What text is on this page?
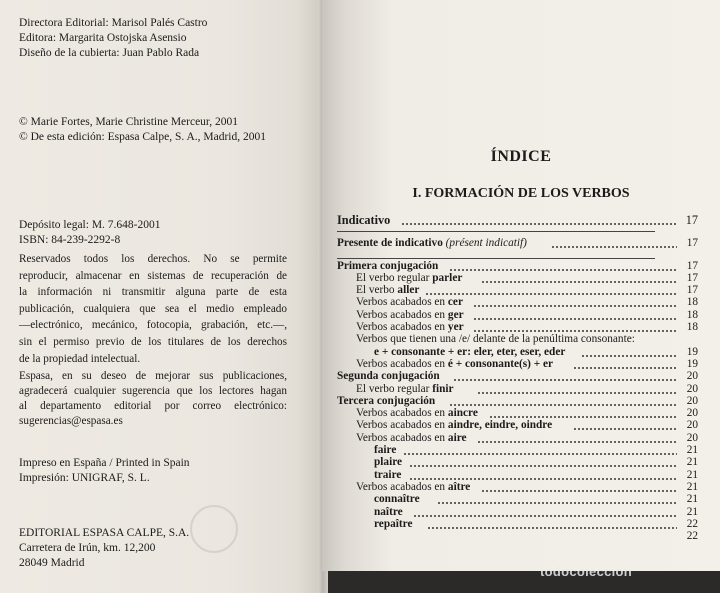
Directora Editorial: Marisol Palés Castro
Editora: Margarita Ostojska Asensio
Diseño de la cubierta: Juan Pablo Rada
© Marie Fortes, Marie Christine Merceur, 2001
© De esta edición: Espasa Calpe, S. A., Madrid, 2001
Depósito legal: M. 7.648-2001
ISBN: 84-239-2292-8
Reservados todos los derechos. No se permite
reproducir, almacenar en sistemas de recuperación de
la información ni transmitir alguna parte de esta
publicación, cualquiera que sea el medio empleado
—electrónico, mecánico, fotocopia, grabación, etc.—,
sin el permiso previo de los titulares de los derechos
de la propiedad intelectual.
Espasa, en su deseo de mejorar sus publicaciones,
agradecerá cualquier sugerencia que los lectores hagan
al departamento editorial por correo electrónico:
sugerencias@espasa.es
Impreso en España / Printed in Spain
Impresión: UNIGRAF, S. L.
EDITORIAL ESPASA CALPE, S.A.
Carretera de Irún, km. 12,200
28049 Madrid
ÍNDICE
I. FORMACIÓN DE LOS VERBOS
Indicativo	17
Presente de indicativo (présent indicatif)	17
Primera conjugación	17
El verbo regular parler	17
El verbo aller	17
Verbos acabados en cer	18
Verbos acabados en ger	18
Verbos acabados en yer	18
Verbos que tienen una /e/ delante de la penúltima consonante:
e + consonante + er: eler, eter, eser, eder	19
Verbos acabados en é + consonante(s) + er	19
Segunda conjugación	20
El verbo regular finir	20
Tercera conjugación	20
Verbos acabados en aincre	20
Verbos acabados en aindre, eindre, oindre	20
Verbos acabados en aire	20
faire	21
plaire	21
traire	21
Verbos acabados en aître	21
connaître	21
naître	21
repaître	22
22
todocoleccion
